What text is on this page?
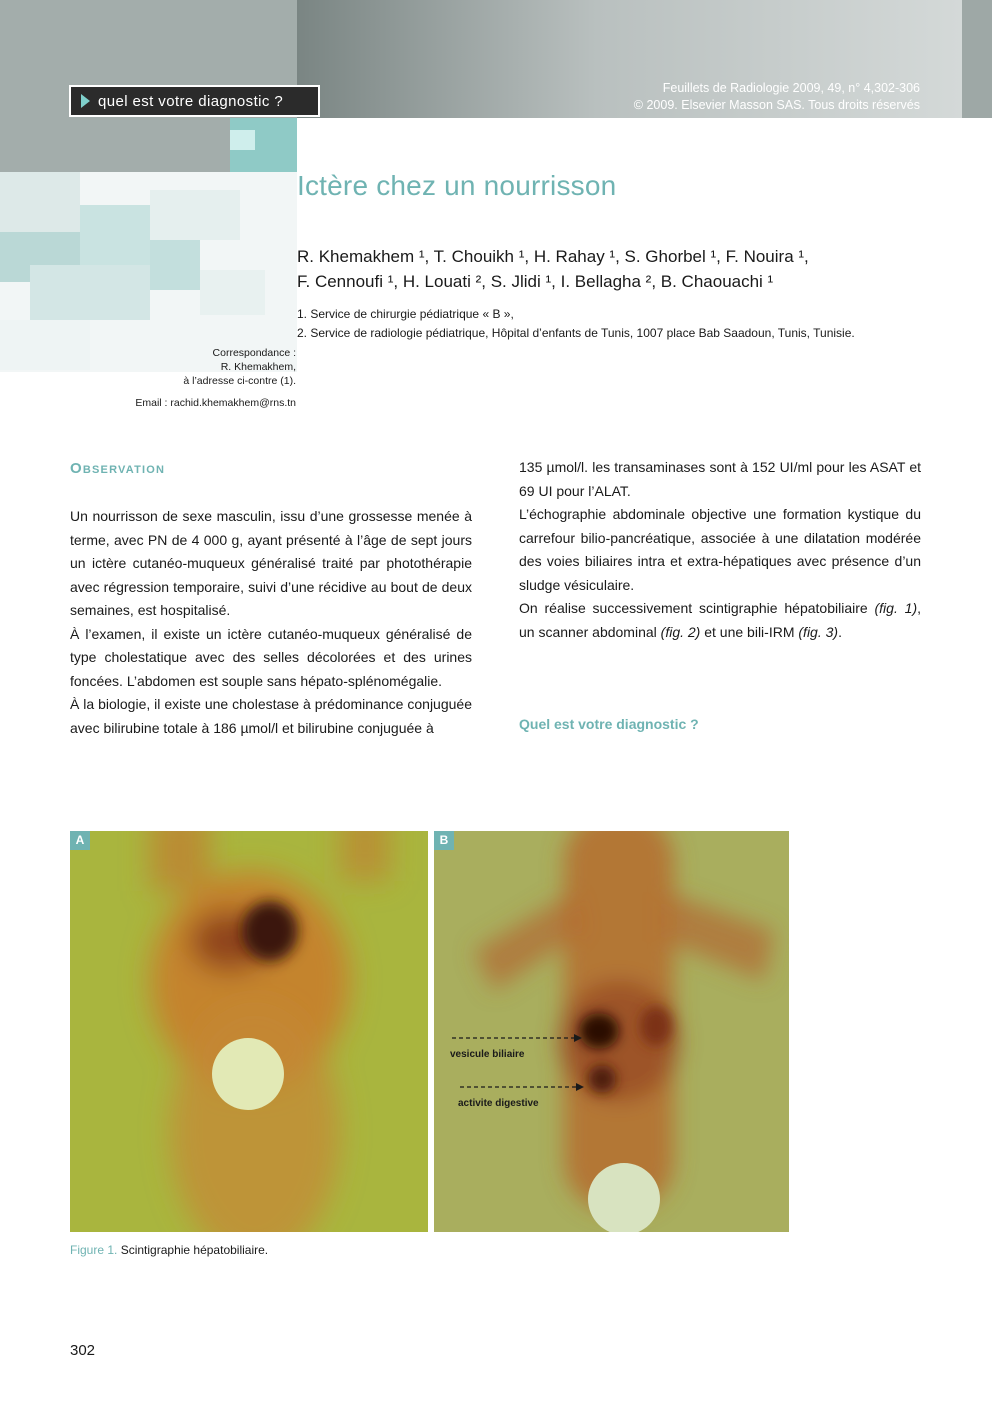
quel est votre diagnostic ?
Feuillets de Radiologie 2009, 49, n° 4,302-306
© 2009. Elsevier Masson SAS. Tous droits réservés
Ictère chez un nourrisson
R. Khemakhem ¹, T. Chouikh ¹, H. Rahay ¹, S. Ghorbel ¹, F. Nouira ¹,
F. Cennoufi ¹, H. Louati ², S. Jlidi ¹, I. Bellagha ², B. Chaouachi ¹
1. Service de chirurgie pédiatrique « B »,
2. Service de radiologie pédiatrique, Hôpital d’enfants de Tunis, 1007 place Bab Saadoun, Tunis, Tunisie.
Correspondance :
R. Khemakhem,
à l’adresse ci-contre (1).
Email : rachid.khemakhem@rns.tn
Observation

Un nourrisson de sexe masculin, issu d’une grossesse menée à terme, avec PN de 4 000 g, ayant présenté à l’âge de sept jours un ictère cutanéo-muqueux généralisé traité par photothérapie avec régression temporaire, suivi d’une récidive au bout de deux semaines, est hospitalisé.

À l’examen, il existe un ictère cutanéo-muqueux généralisé de type cholestatique avec des selles décolorées et des urines foncées. L’abdomen est souple sans hépato-splénomégalie.

À la biologie, il existe une cholestase à prédominance conjuguée avec bilirubine totale à 186 µmol/l et bilirubine conjuguée à

135 µmol/l. les transaminases sont à 152 UI/ml pour les ASAT et 69 UI pour l’ALAT.

L’échographie abdominale objective une formation kystique du carrefour bilio-pancréatique, associée à une dilatation modérée des voies biliaires intra et extra-hépatiques avec présence d’un sludge vésiculaire.

On réalise successivement scintigraphie hépatobiliaire (fig. 1), un scanner abdominal (fig. 2) et une bili-IRM (fig. 3).

Quel est votre diagnostic ?
A
vesicule biliaire
activite digestive
B
Figure 1. Scintigraphie hépatobiliaire.
302
